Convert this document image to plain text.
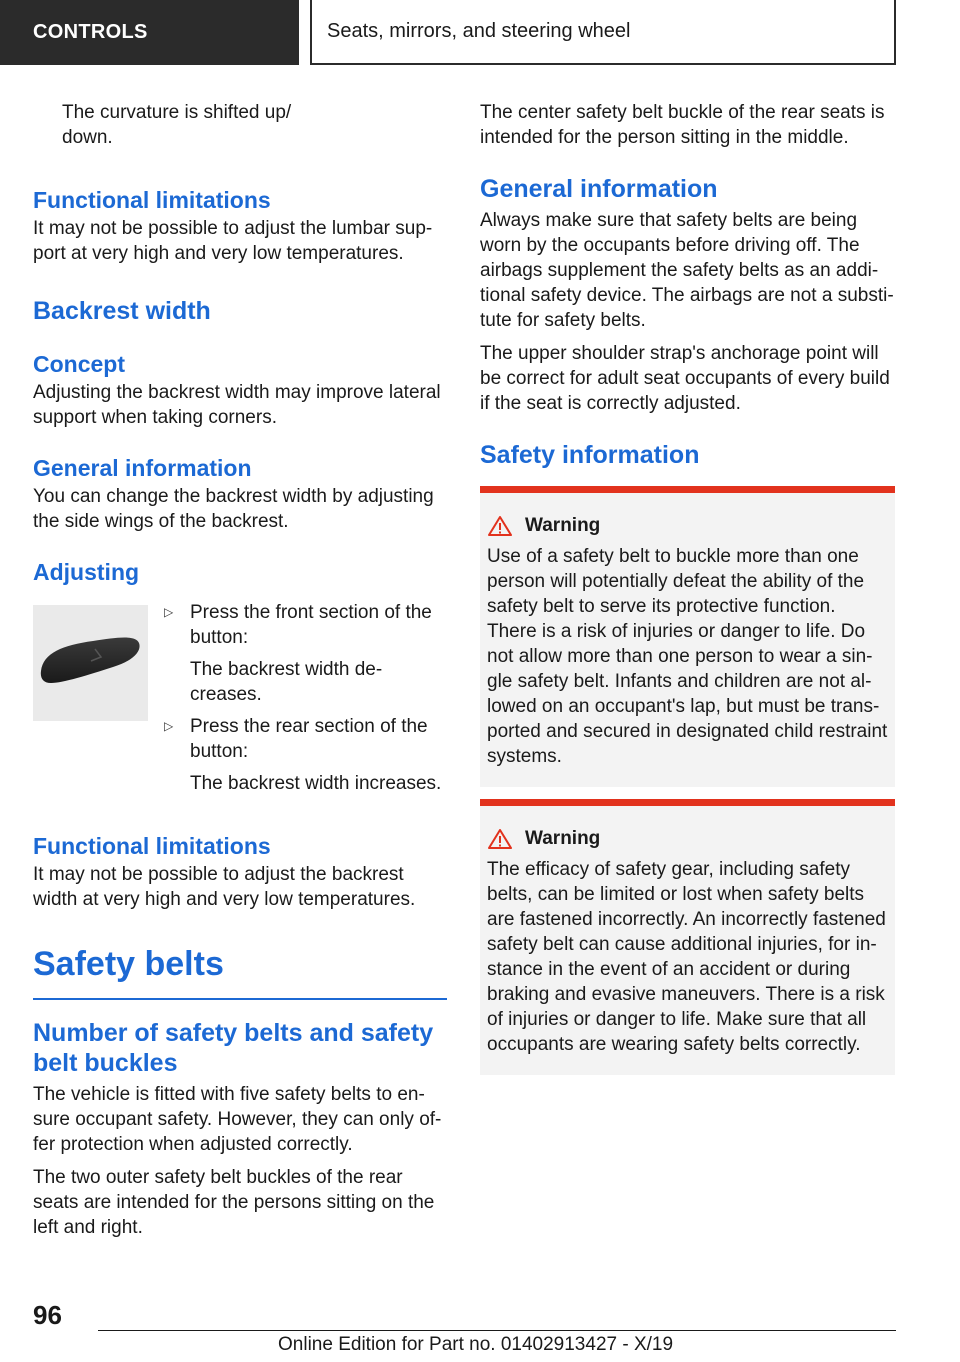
CONTROLS	Seats, mirrors, and steering wheel

The curvature is shifted up/ down.

Functional limitations

It may not be possible to adjust the lumbar sup-port at very high and very low temperatures.

Backrest width
Concept

Adjusting the backrest width may improve lateral support when taking corners.

General information

You can change the backrest width by adjusting the side wings of the backrest.

Adjusting
▷ Press the front section of the button:

The backrest width de-creases.

▷ Press the rear section of the button:

The backrest width increases.

Functional limitations

It may not be possible to adjust the backrest width at very high and very low temperatures.

Safety belts
Number of safety belts and safety belt buckles

The vehicle is fitted with five safety belts to en-sure occupant safety. However, they can only of-fer protection when adjusted correctly.

The two outer safety belt buckles of the rear seats are intended for the persons sitting on the left and right.

The center safety belt buckle of the rear seats is intended for the person sitting in the middle.

General information

Always make sure that safety belts are being worn by the occupants before driving off. The airbags supplement the safety belts as an addi-tional safety device. The airbags are not a substi-tute for safety belts.

The upper shoulder strap's anchorage point will be correct for adult seat occupants of every build if the seat is correctly adjusted.

Safety information
Warning

Use of a safety belt to buckle more than one person will potentially defeat the ability of the safety belt to serve its protective function. There is a risk of injuries or danger to life. Do not allow more than one person to wear a sin-gle safety belt. Infants and children are not al-lowed on an occupant's lap, but must be trans-ported and secured in designated child restraint systems.

Warning

The efficacy of safety gear, including safety belts, can be limited or lost when safety belts are fastened incorrectly. An incorrectly fastened safety belt can cause additional injuries, for in-stance in the event of an accident or during braking and evasive maneuvers. There is a risk of injuries or danger to life. Make sure that all occupants are wearing safety belts correctly.

96
Online Edition for Part no. 01402913427 - X/19
